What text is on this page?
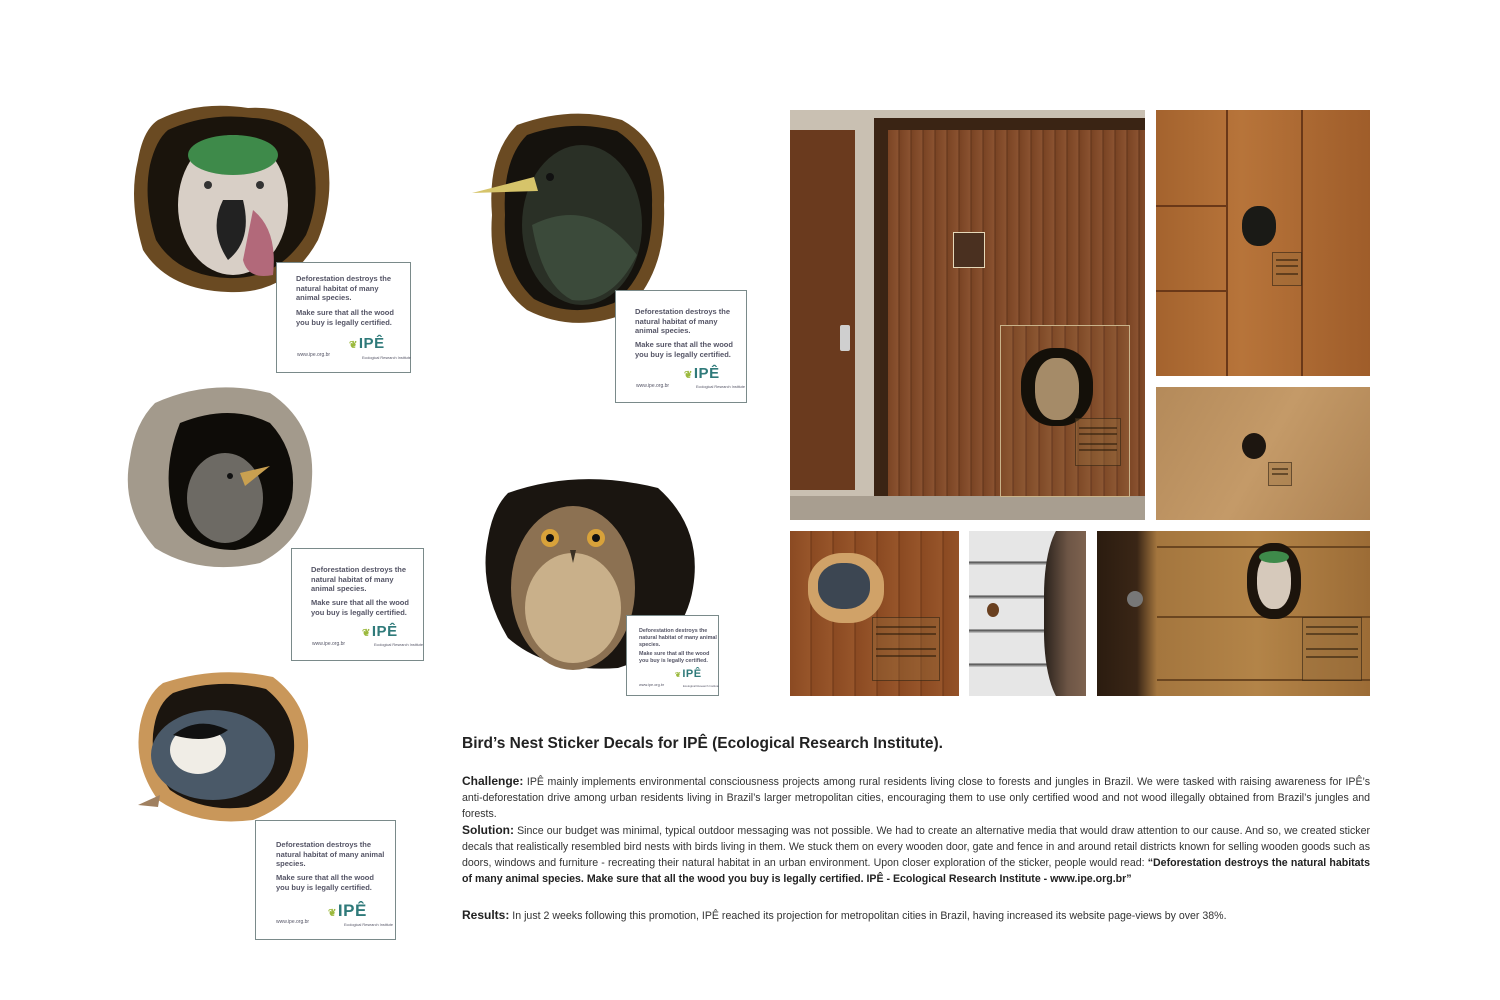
Deforestation destroys the natural habitat of many animal species.
Make sure that all the wood you buy is legally certified.
www.ipe.org.br
❦IPÊ
Ecological Research Institute
Deforestation destroys the natural habitat of many animal species.
Make sure that all the wood you buy is legally certified.
www.ipe.org.br
❦IPÊ
Ecological Research Institute
Deforestation destroys the natural habitat of many animal species.
Make sure that all the wood you buy is legally certified.
www.ipe.org.br
❦IPÊ
Ecological Research Institute
Deforestation destroys the natural habitat of many animal species.
Make sure that all the wood you buy is legally certified.
www.ipe.org.br
❦IPÊ
Ecological Research Institute
Deforestation destroys the natural habitat of many animal species.
Make sure that all the wood you buy is legally certified.
www.ipe.org.br
❦IPÊ
Ecological Research Institute
Bird’s Nest Sticker Decals for IPÊ (Ecological Research Institute).
Challenge: IPÊ mainly implements environmental consciousness projects among rural residents living close to forests and jungles in Brazil. We were tasked with raising awareness for IPÊ’s anti-deforestation drive among urban residents living in Brazil’s larger metropolitan cities, encouraging them to use only certified wood and not wood illegally obtained from Brazil’s jungles and forests.
Solution: Since our budget was minimal, typical outdoor messaging was not possible. We had to create an alternative media that would draw attention to our cause. And so, we created sticker decals that realistically resembled bird nests with birds living in them. We stuck them on every wooden door, gate and fence in and around retail districts known for selling wooden goods such as doors, windows and furniture - recreating their natural habitat in an urban environment. Upon closer exploration of the sticker, people would read: “Deforestation destroys the natural habitats of many animal species. Make sure that all the wood you buy is legally certified. IPÊ - Ecological Research Institute - www.ipe.org.br”
Results: In just 2 weeks following this promotion, IPÊ reached its projection for metropolitan cities in Brazil, having increased its website page-views by over 38%.
